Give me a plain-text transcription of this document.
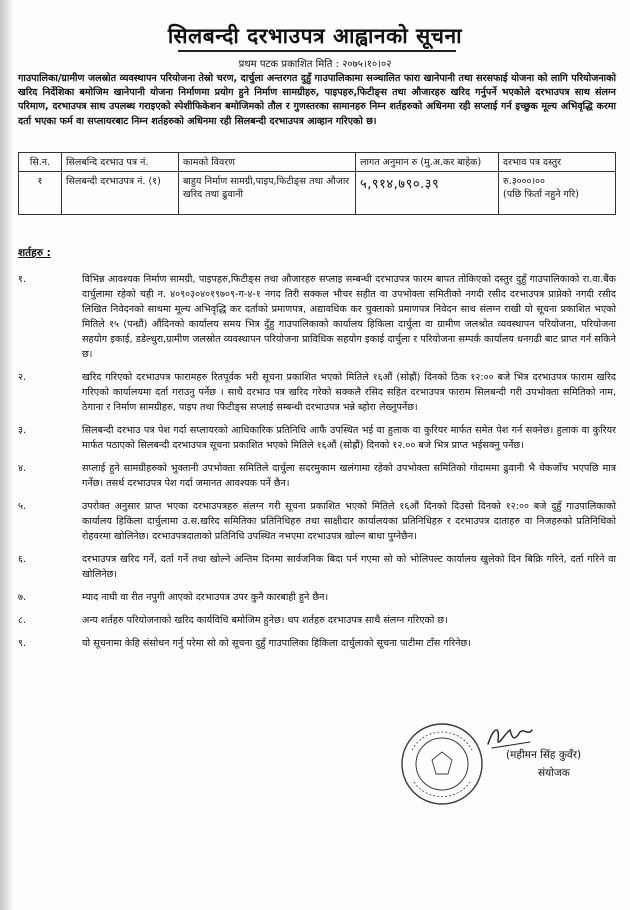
सिलबन्दी दरभाउपत्र आह्वानको सूचना
प्रथम पटक प्रकाशित मिति : २०७५।१०।०२
गाउपालिका/ग्रामीण जलस्रोत व्यवस्थापन परियोजना तेस्रो चरण, दार्चुला अन्तरगत दुहुँ गाउपालिकामा सञ्चालित फारा खानेपानी तथा सरसफाई योजना को लागि परियोजनाको खरिद निर्देशिका बमोजिम खानेपानी योजना निर्माणमा प्रयोग हुने निर्माण सामग्रीहरु, पाइपहरु,फिटीङ्स तथा औजारहरु खरिद गर्नुपर्ने भएकोले दरभाउपत्र साथ संलग्न परिमाण, दरभाउपत्र साथ उपलब्ध गराइएको स्पेशीफिकेशन बमोजिमको तौल र गुणस्तरका सामानहरु निम्न शर्तहरुको अधिनमा रही सप्लाई गर्न इच्छुक मूल्य अभिवृद्धि करमा दर्ता भएका फर्म वा सप्लायरबाट निम्न शर्तहरुको अधिनमा रही सिलबन्दी दरभाउपत्र आव्हान गरिएको छ।
सि.न.	सिलबन्दि दरभाउ पत्र नं.	कामको विवरण	लागत अनुमान रु (मु.अ.कर बाहेक)	दरभाव पत्र दस्तुर
१	सिलबन्दी दरभाउपत्र नं. (१)	बाहुय निर्माण सामग्री,पाइप,फिटीङ्स तथा औजार खरिद तथा ढुवानी	५,९१४,७९०.३९	रु.३०००।००
(पछि फिर्ता नहुने गरि)
शर्तहरु :
१.	विभिन्न आवश्यक निर्माण सामग्री, पाइपहरु,फिटीङ्स तथा औजारहरु सप्लाइ सम्बन्धी दरभाउपत्र फारम बापत तोकिएको दस्तुर दुहुँ गाउपालिकाको रा.वा.बैंक दार्चुलामा रहेको चही न. ४०९०३०४०१९७०९-ग-४-१ नगद तिरी सक्कल भौचर सहीत वा उपभोक्ता समितीको नगदी रसीद दरभाउपत्र प्राप्नेको नगदी रसीद लिखित निवेदनको साथमा मूल्य अभिवृद्धि कर दर्ताको प्रमाणपत्र, अद्यावधिक कर चुक्ताको प्रमाणपत्र निवेदन साथ संलग्न राखी यो सूचना प्रकाशित भएको मितिले १५ (पन्ध्रौं) औंदिनको कार्यालय समय भित्र दुँहु गाउपालिकाको कार्यालय हिकिला दार्चुला वा ग्रामीण जलश्रोत व्यवस्थापन परियोजना, परियोजना सहयोग इकाई, डडेल्धुरा,ग्रामीण जलस्रोत व्यवस्थापन परियोजना प्राविधिक सहयोग इकाई दार्चुला र परियोजना सम्पर्क कार्यालय धनगढी बाट प्राप्त गर्न सकिने छ।
२.	खरिद गरिएको दरभाउपत्र फारामहरु रितपूर्वक भरी सूचना प्रकाशित भएको मितिले १६औं (सोह्रौं) दिनको ठिक १२:०० बजे भित्र दरभाउपत्र फाराम खरिद गरिएको कार्यालयमा दर्ता गराउनु पर्नेछ । साथै दरभाउ पत्र खरिद गरेको सक्कलै रसिद सहित दरभाउपत्र फाराम सिलबन्दी गरी उपभोक्ता समितिको नाम, ठेगाना र निर्माण सामग्रीहरु, पाइप तथा फिटीङ्स सप्लाई सम्बन्धी दरभाउपत्र भन्ने ब्होरा लेख्नुपर्नेछ।
३.	सिलबन्दी दरभाउ पत्र पेश गर्दा सप्लायरको आधिकारिक प्रतिनिधि आफैं उपस्थित भई वा हुलाक वा कुरियर मार्फत समेत पेश गर्न सक्नेछ। हुलाक वा कुरियर मार्फत पठाएको सिलबन्दी दरभाउपत्र सूचना प्रकाशित भएको मितिले १६औं (सोह्रौं) दिनको १२.०० बजे भित्र प्राप्त भईसक्नु पर्नेछ।
४.	सप्लाई हुने सामग्रीहरुको भुक्तानी उपभोक्ता समितिले दार्चुला सदरमुकाम खलंगामा रहेको उपभोक्ता समितिको गोदाममा ढुवानी भै चेकजाँच भएपछि मात्र गर्नेछ। तसर्थ दरभाउपत्र पेश गर्दा जमानत आवश्यक पर्ने छैन।
५.	उपरोक्त अनुसार प्राप्त भएका दरभाउपत्रहरु संलग्न गरी सूचना प्रकाशित भएको मितिले १६औं दिनको दिउसो दिनको १२:०० बजे दुहुँ गाउपालिकाको कार्यालय हिकिला दार्चुलामा उ.स.खरिद समितिका प्रतिनिधिहरु तथा साक्षीदार कार्यालयका प्रतिनिधिहरु र दरभाउपत्र दाताहरु वा निजहरुको प्रतिनिधिको रोहवरमा खोलिनेछ। दरभाउपत्रदाताको प्रतिनिधि उपस्थित नभएमा दरभाउपत्र खोल्न बाधा पुग्नेछैन।
६.	दरभाउपत्र खरिद गर्ने, दर्ता गर्ने तथा खोल्ने अन्तिम दिनमा सार्वजनिक बिदा पर्न गएमा सो को भोलिपल्ट कार्यालय खुलेको दिन बिक्रि गरिने, दर्ता गरिने वा खोलिनेछ।
७.	म्याद नाघी वा रीत नपुगी आएको दरभाउपत्र उपर कुनै कारबाही हुने छैन।
८.	अन्य शर्तहरु परियोजनाको खरिद कार्यविधि बमोजिम हुनेछ। थप शर्तहरु दरभाउपत्र साथै संलग्न गरिएको छ।
९.	यो सूचनामा केहि संसोधन गर्नु परेमा सो को सूचना दुहुँ गाउपालिका हिकिला दार्चुलाको सूचना पाटीमा टाँस गरिनेछ।
(महीमन सिंह कुवँर)
संयोजक
